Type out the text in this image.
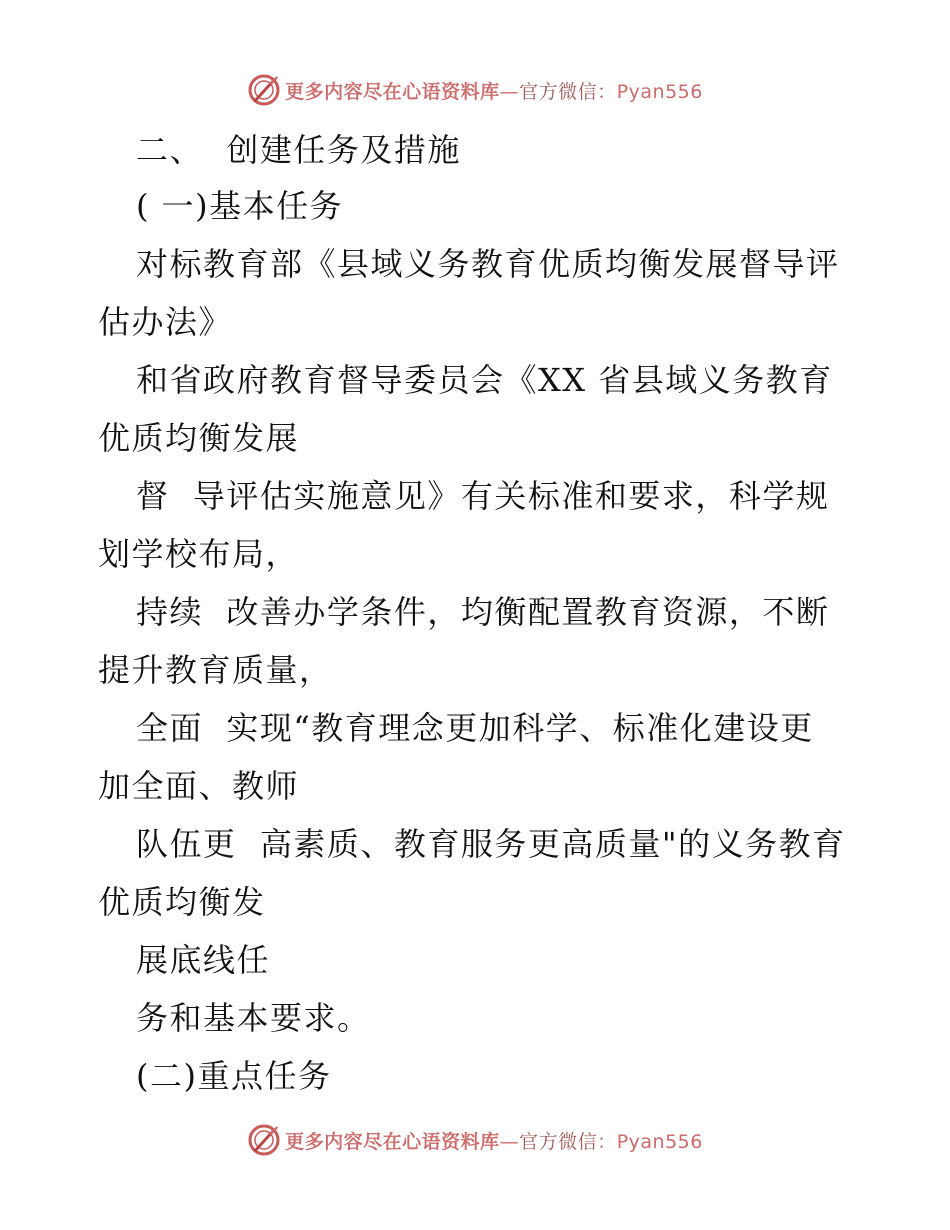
更多内容尽在心语资料库—官方微信：Pyan556
二、  创建任务及措施
( 一)基本任务
对标教育部《县域义务教育优质均衡发展督导评
估办法》
和省政府教育督导委员会《XX 省县域义务教育
优质均衡发展
督  导评估实施意见》有关标准和要求，科学规
划学校布局，
持续  改善办学条件，均衡配置教育资源，不断
提升教育质量，
全面  实现“教育理念更加科学、标准化建设更
加全面、教师
队伍更  高素质、教育服务更高质量"的义务教育
优质均衡发
展底线任
务和基本要求。
(二)重点任务
更多内容尽在心语资料库—官方微信：Pyan556
